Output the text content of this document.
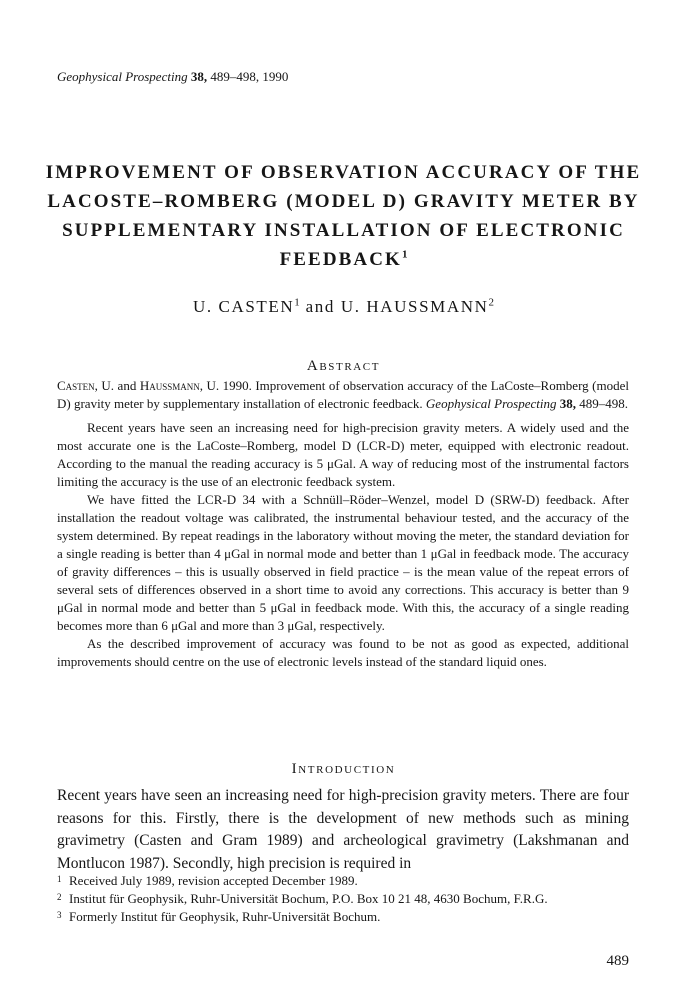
Geophysical Prospecting 38, 489–498, 1990
IMPROVEMENT OF OBSERVATION ACCURACY OF THE LACOSTE–ROMBERG (MODEL D) GRAVITY METER BY SUPPLEMENTARY INSTALLATION OF ELECTRONIC FEEDBACK$^1$
U. CASTEN$^1$ and U. HAUSSMANN$^2$
Abstract

Casten, U. and Haussmann, U. 1990. Improvement of observation accuracy of the LaCoste–Romberg (model D) gravity meter by supplementary installation of electronic feedback. Geophysical Prospecting 38, 489–498.

Recent years have seen an increasing need for high-precision gravity meters. A widely used and the most accurate one is the LaCoste–Romberg, model D (LCR-D) meter, equipped with electronic readout. According to the manual the reading accuracy is 5 μGal. A way of reducing most of the instrumental factors limiting the accuracy is the use of an electronic feedback system.

We have fitted the LCR-D 34 with a Schnüll–Röder–Wenzel, model D (SRW-D) feedback. After installation the readout voltage was calibrated, the instrumental behaviour tested, and the accuracy of the system determined. By repeat readings in the laboratory without moving the meter, the standard deviation for a single reading is better than 4 μGal in normal mode and better than 1 μGal in feedback mode. The accuracy of gravity differences – this is usually observed in field practice – is the mean value of the repeat errors of several sets of differences observed in a short time to avoid any corrections. This accuracy is better than 9 μGal in normal mode and better than 5 μGal in feedback mode. With this, the accuracy of a single reading becomes more than 6 μGal and more than 3 μGal, respectively.

As the described improvement of accuracy was found to be not as good as expected, additional improvements should centre on the use of electronic levels instead of the standard liquid ones.

Introduction

Recent years have seen an increasing need for high-precision gravity meters. There are four reasons for this. Firstly, there is the development of new methods such as mining gravimetry (Casten and Gram 1989) and archeological gravimetry (Lakshmanan and Montlucon 1987). Secondly, high precision is required in

1 Received July 1989, revision accepted December 1989.
2 Institut für Geophysik, Ruhr-Universität Bochum, P.O. Box 10 21 48, 4630 Bochum, F.R.G.
3 Formerly Institut für Geophysik, Ruhr-Universität Bochum.
489
